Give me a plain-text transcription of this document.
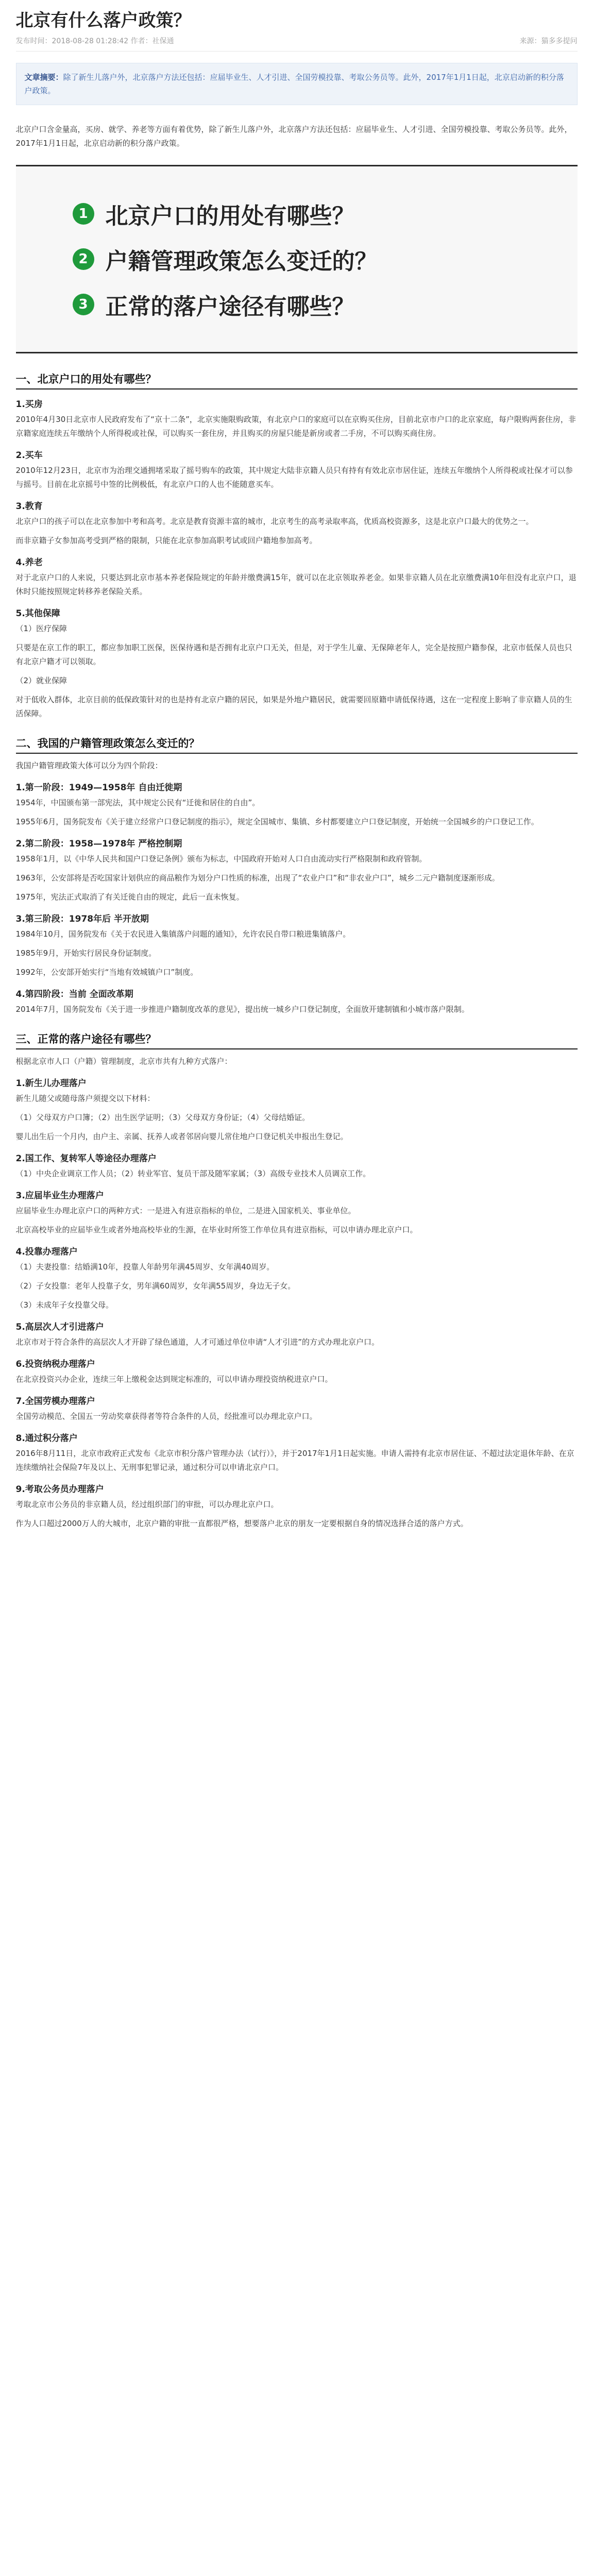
北京有什么落户政策？
发布时间：2018-08-28 01:28:42 作者：社保通	来源：猫多多提问
文章摘要：除了新生儿落户外，北京落户方法还包括：应届毕业生、人才引进、全国劳模投靠、考取公务员等。此外，2017年1月1日起，北京启动新的积分落户政策。

北京户口含金量高，买房、就学、养老等方面有着优势，除了新生儿落户外，北京落户方法还包括：应届毕业生、人才引进、全国劳模投靠、考取公务员等。此外，2017年1月1日起，北京启动新的积分落户政策。

1 北京户口的用处有哪些？
2 户籍管理政策怎么变迁的？
3 正常的落户途径有哪些？
一、北京户口的用处有哪些？
1.买房

2010年4月30日北京市人民政府发布了“京十二条”，北京实施限购政策，有北京户口的家庭可以在京购买住房，目前北京市户口的北京家庭，每户限购两套住房，非京籍家庭连续五年缴纳个人所得税或社保，可以购买一套住房，并且购买的房屋只能是新房或者二手房，不可以购买商住房。

2.买车

2010年12月23日，北京市为治理交通拥堵采取了摇号购车的政策，其中规定大陆非京籍人员只有持有有效北京市居住证，连续五年缴纳个人所得税或社保才可以参与摇号。目前在北京摇号中签的比例极低，有北京户口的人也不能随意买车。

3.教育

北京户口的孩子可以在北京参加中考和高考。北京是教育资源丰富的城市，北京考生的高考录取率高，优质高校资源多，这是北京户口最大的优势之一。

而非京籍子女参加高考受到严格的限制，只能在北京参加高职考试或回户籍地参加高考。

4.养老

对于北京户口的人来说，只要达到北京市基本养老保险规定的年龄并缴费满15年，就可以在北京领取养老金。如果非京籍人员在北京缴费满10年但没有北京户口，退休时只能按照规定转移养老保险关系。

5.其他保障

（1）医疗保障

只要是在京工作的职工，都应参加职工医保，医保待遇和是否拥有北京户口无关，但是，对于学生儿童、无保障老年人，完全是按照户籍参保，北京市低保人员也只有北京户籍才可以领取。

（2）就业保障

对于低收入群体，北京目前的低保政策针对的也是持有北京户籍的居民，如果是外地户籍居民，就需要回原籍申请低保待遇，这在一定程度上影响了非京籍人员的生活保障。

二、我国的户籍管理政策怎么变迁的？

我国户籍管理政策大体可以分为四个阶段：

1.第一阶段：1949—1958年 自由迁徙期

1954年，中国颁布第一部宪法，其中规定公民有“迁徙和居住的自由”。

1955年6月，国务院发布《关于建立经常户口登记制度的指示》，规定全国城市、集镇、乡村都要建立户口登记制度，开始统一全国城乡的户口登记工作。

2.第二阶段：1958—1978年 严格控制期

1958年1月，以《中华人民共和国户口登记条例》颁布为标志，中国政府开始对人口自由流动实行严格限制和政府管制。

1963年，公安部将是否吃国家计划供应的商品粮作为划分户口性质的标准，出现了“农业户口”和“非农业户口”，城乡二元户籍制度逐渐形成。

1975年，宪法正式取消了有关迁徙自由的规定，此后一直未恢复。

3.第三阶段：1978年后 半开放期

1984年10月，国务院发布《关于农民进入集镇落户问题的通知》，允许农民自带口粮进集镇落户。

1985年9月，开始实行居民身份证制度。

1992年，公安部开始实行“当地有效城镇户口”制度。

4.第四阶段：当前 全面改革期

2014年7月，国务院发布《关于进一步推进户籍制度改革的意见》，提出统一城乡户口登记制度，全面放开建制镇和小城市落户限制。

三、正常的落户途径有哪些？

根据北京市人口（户籍）管理制度，北京市共有九种方式落户：

1.新生儿办理落户

新生儿随父或随母落户须提交以下材料：

（1）父母双方户口簿；（2）出生医学证明；（3）父母双方身份证；（4）父母结婚证。

婴儿出生后一个月内，由户主、亲属、抚养人或者邻居向婴儿常住地户口登记机关申报出生登记。

2.国工作、复转军人等途径办理落户

（1）中央企业调京工作人员；（2）转业军官、复员干部及随军家属；（3）高级专业技术人员调京工作。

3.应届毕业生办理落户

应届毕业生办理北京户口的两种方式：一是进入有进京指标的单位，二是进入国家机关、事业单位。

北京高校毕业的应届毕业生或者外地高校毕业的生源，在毕业时所签工作单位具有进京指标，可以申请办理北京户口。

4.投靠办理落户

（1）夫妻投靠：结婚满10年，投靠人年龄男年满45周岁、女年满40周岁。

（2）子女投靠：老年人投靠子女，男年满60周岁，女年满55周岁，身边无子女。

（3）未成年子女投靠父母。

5.高层次人才引进落户

北京市对于符合条件的高层次人才开辟了绿色通道，人才可通过单位申请“人才引进”的方式办理北京户口。

6.投资纳税办理落户

在北京投资兴办企业，连续三年上缴税金达到规定标准的，可以申请办理投资纳税进京户口。

7.全国劳模办理落户

全国劳动模范、全国五一劳动奖章获得者等符合条件的人员，经批准可以办理北京户口。

8.通过积分落户

2016年8月11日，北京市政府正式发布《北京市积分落户管理办法（试行）》，并于2017年1月1日起实施。申请人需持有北京市居住证、不超过法定退休年龄、在京连续缴纳社会保险7年及以上、无刑事犯罪记录，通过积分可以申请北京户口。

9.考取公务员办理落户

考取北京市公务员的非京籍人员，经过组织部门的审批，可以办理北京户口。

作为人口超过2000万人的大城市，北京户籍的审批一直都很严格，想要落户北京的朋友一定要根据自身的情况选择合适的落户方式。
